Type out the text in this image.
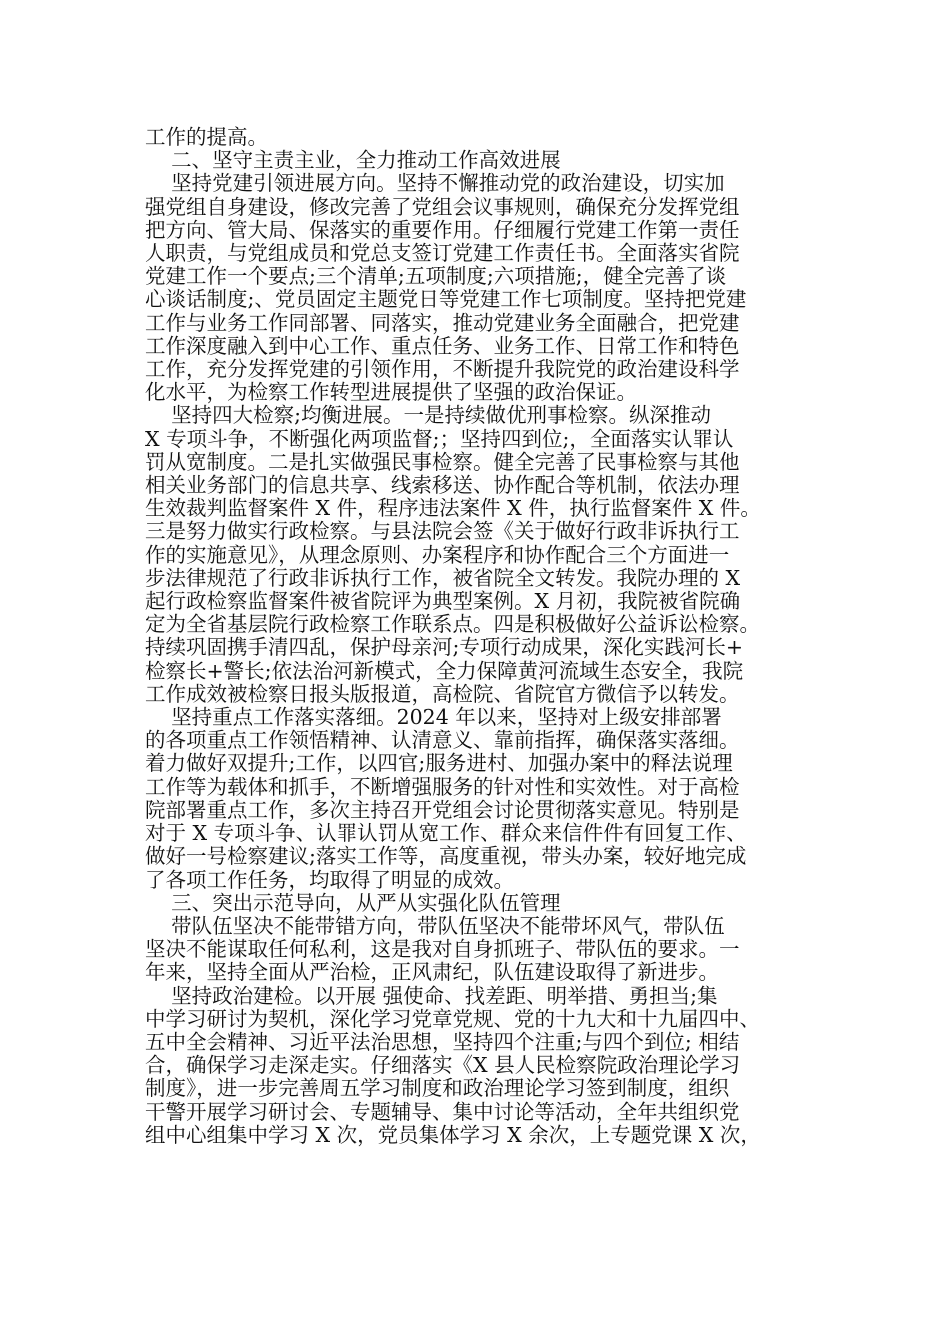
工作的提高。

二、坚守主责主业，全力推动工作高效进展

坚持党建引领进展方向。坚持不懈推动党的政治建设，切实加

强党组自身建设，修改完善了党组会议事规则，确保充分发挥党组

把方向、管大局、保落实的重要作用。仔细履行党建工作第一责任

人职责，与党组成员和党总支签订党建工作责任书。全面落实省院

党建工作一个要点;三个清单;五项制度;六项措施;，健全完善了谈

心谈话制度;、党员固定主题党日等党建工作七项制度。坚持把党建

工作与业务工作同部署、同落实，推动党建业务全面融合，把党建

工作深度融入到中心工作、重点任务、业务工作、日常工作和特色

工作，充分发挥党建的引领作用，不断提升我院党的政治建设科学

化水平，为检察工作转型进展提供了坚强的政治保证。

坚持四大检察;均衡进展。一是持续做优刑事检察。纵深推动

X 专项斗争，不断强化两项监督;；坚持四到位;，全面落实认罪认

罚从宽制度。二是扎实做强民事检察。健全完善了民事检察与其他

相关业务部门的信息共享、线索移送、协作配合等机制，依法办理

生效裁判监督案件 X 件，程序违法案件 X 件，执行监督案件 X 件。

三是努力做实行政检察。与县法院会签《关于做好行政非诉执行工

作的实施意见》，从理念原则、办案程序和协作配合三个方面进一

步法律规范了行政非诉执行工作，被省院全文转发。我院办理的 X

起行政检察监督案件被省院评为典型案例。X 月初，我院被省院确

定为全省基层院行政检察工作联系点。四是积极做好公益诉讼检察。

持续巩固携手清四乱，保护母亲河;专项行动成果，深化实践河长+

检察长+警长;依法治河新模式，全力保障黄河流域生态安全，我院

工作成效被检察日报头版报道，高检院、省院官方微信予以转发。

坚持重点工作落实落细。2024 年以来，坚持对上级安排部署

的各项重点工作领悟精神、认清意义、靠前指挥，确保落实落细。

着力做好双提升;工作，以四官;服务进村、加强办案中的释法说理

工作等为载体和抓手，不断增强服务的针对性和实效性。对于高检

院部署重点工作，多次主持召开党组会讨论贯彻落实意见。特别是

对于 X 专项斗争、认罪认罚从宽工作、群众来信件件有回复工作、

做好一号检察建议;落实工作等，高度重视，带头办案，较好地完成

了各项工作任务，均取得了明显的成效。

三、突出示范导向，从严从实强化队伍管理

带队伍坚决不能带错方向，带队伍坚决不能带坏风气，带队伍

坚决不能谋取任何私利，这是我对自身抓班子、带队伍的要求。一

年来，坚持全面从严治检，正风肃纪，队伍建设取得了新进步。

坚持政治建检。以开展 强使命、找差距、明举措、勇担当;集

中学习研讨为契机，深化学习党章党规、党的十九大和十九届四中、

五中全会精神、习近平法治思想，坚持四个注重;与四个到位; 相结

合，确保学习走深走实。仔细落实《X 县人民检察院政治理论学习

制度》，进一步完善周五学习制度和政治理论学习签到制度，组织

干警开展学习研讨会、专题辅导、集中讨论等活动，全年共组织党

组中心组集中学习 X 次，党员集体学习 X 余次，上专题党课 X 次，
